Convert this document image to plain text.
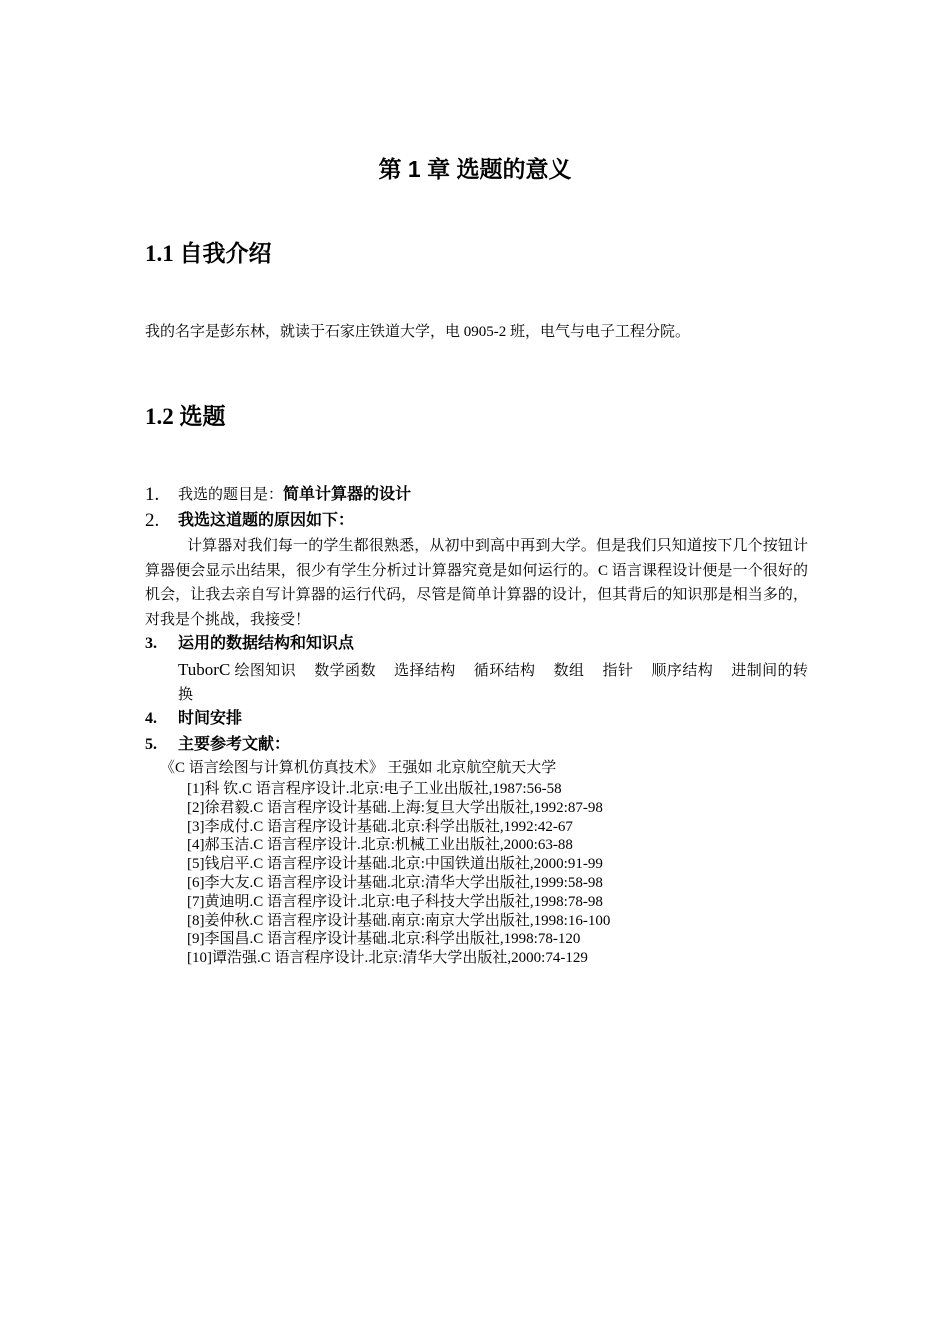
第 1 章 选题的意义
1.1 自我介绍
我的名字是彭东林，就读于石家庄铁道大学，电 0905-2 班，电气与电子工程分院。
1.2 选题
1. 我选的题目是：简单计算器的设计
2. 我选这道题的原因如下：
计算器对我们每一的学生都很熟悉，从初中到高中再到大学。但是我们只知道按下几个按钮计算器便会显示出结果，很少有学生分析过计算器究竟是如何运行的。C 语言课程设计便是一个很好的机会，让我去亲自写计算器的运行代码，尽管是简单计算器的设计，但其背后的知识那是相当多的，对我是个挑战，我接受！
3. 运用的数据结构和知识点
TuborC 绘图知识 数学函数 选择结构 循环结构 数组 指针 顺序结构 进制间的转换
4. 时间安排
5. 主要参考文献：
《C 语言绘图与计算机仿真技术》 王强如 北京航空航天大学
[1]科 钦.C 语言程序设计.北京:电子工业出版社,1987:56-58
[2]徐君毅.C 语言程序设计基础.上海:复旦大学出版社,1992:87-98
[3]李成付.C 语言程序设计基础.北京:科学出版社,1992:42-67
[4]郝玉洁.C 语言程序设计.北京:机械工业出版社,2000:63-88
[5]钱启平.C 语言程序设计基础.北京:中国铁道出版社,2000:91-99
[6]李大友.C 语言程序设计基础.北京:清华大学出版社,1999:58-98
[7]黄迪明.C 语言程序设计.北京:电子科技大学出版社,1998:78-98
[8]姜仲秋.C 语言程序设计基础.南京:南京大学出版社,1998:16-100
[9]李国昌.C 语言程序设计基础.北京:科学出版社,1998:78-120
[10]谭浩强.C 语言程序设计.北京:清华大学出版社,2000:74-129
